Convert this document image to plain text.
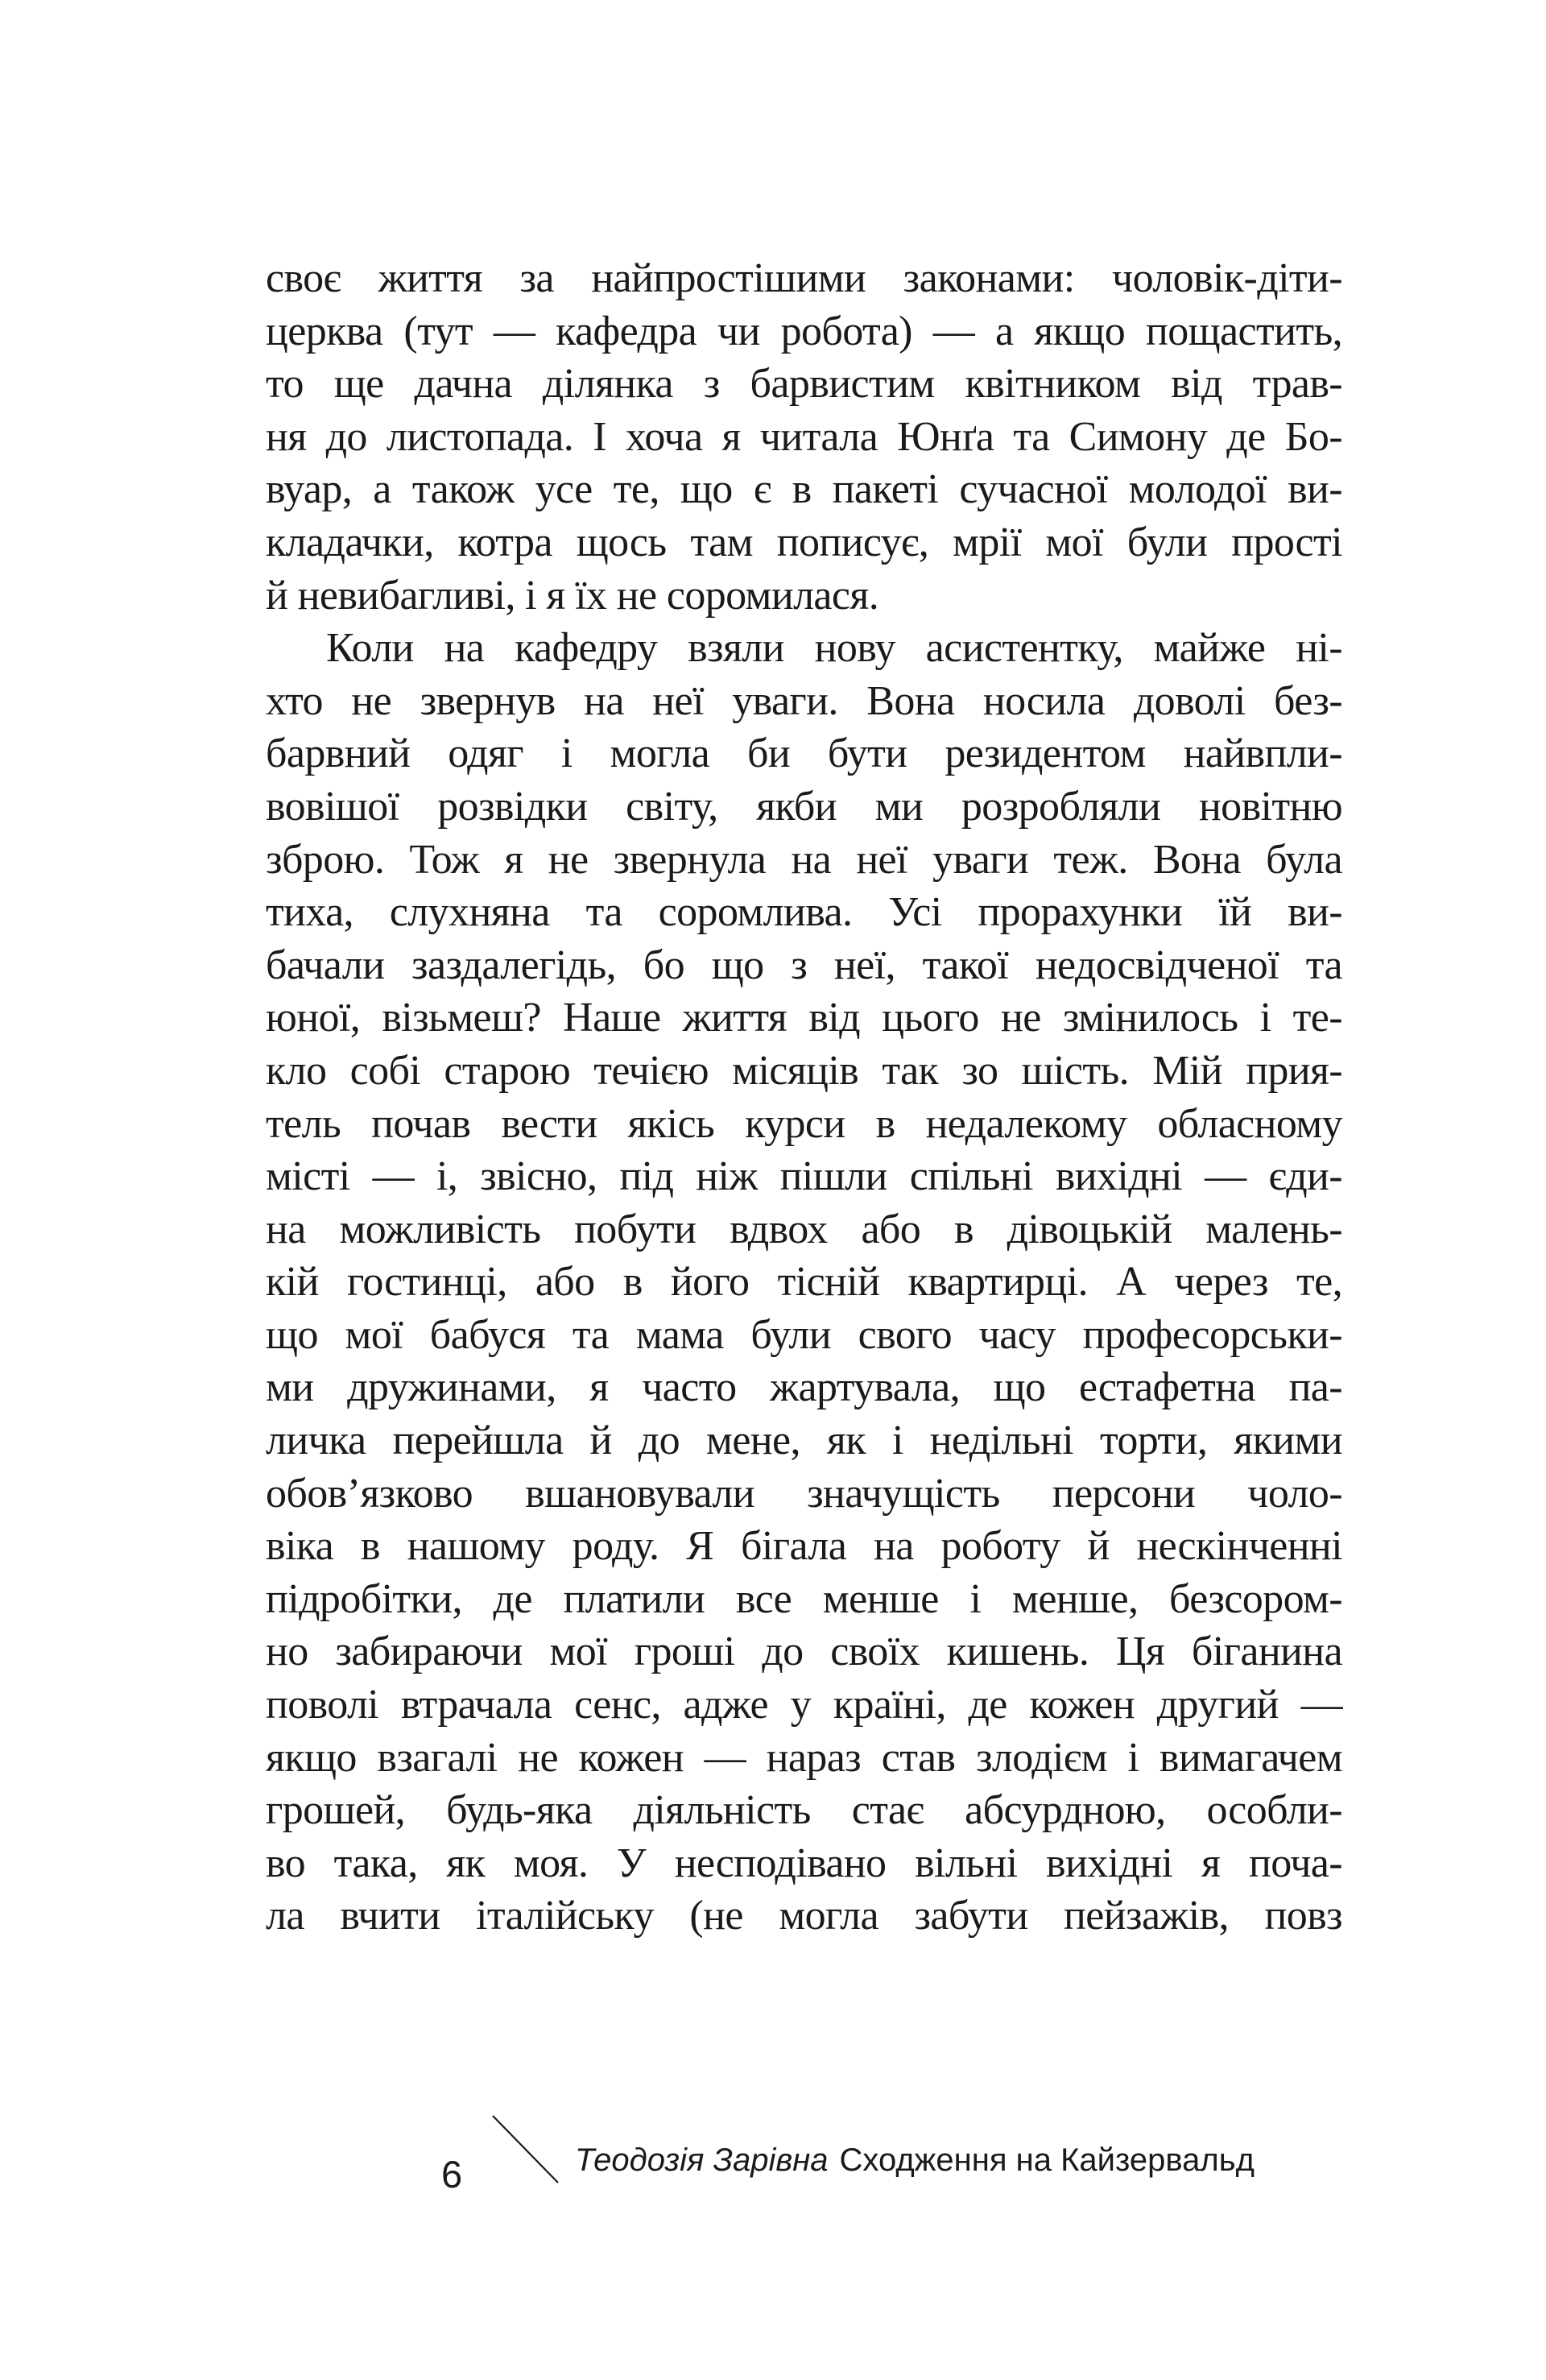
своє життя за найпростішими законами: чоловік-діти-
церква (тут — кафедра чи робота) — а якщо пощастить,
то ще дачна ділянка з барвистим квітником від трав-
ня до листопада. І хоча я читала Юнґа та Симону де Бо-
вуар, а також усе те, що є в пакеті сучасної молодої ви-
кладачки, котра щось там пописує, мрії мої були прості
й невибагливі, і я їх не соромилася.
Коли на кафедру взяли нову асистентку, майже ні-
хто не звернув на неї уваги. Вона носила доволі без-
барвний одяг і могла би бути резидентом найвпли-
вовішої розвідки світу, якби ми розробляли новітню
зброю. Тож я не звернула на неї уваги теж. Вона була
тиха, слухняна та соромлива. Усі прорахунки їй ви-
бачали заздалегідь, бо що з неї, такої недосвідченої та
юної, візьмеш? Наше життя від цього не змінилось і те-
кло собі старою течією місяців так зо шість. Мій прия-
тель почав вести якісь курси в недалекому обласному
місті — і, звісно, під ніж пішли спільні вихідні — єди-
на можливість побути вдвох або в дівоцькій малень-
кій гостинці, або в його тісній квартирці. А через те,
що мої бабуся та мама були свого часу професорськи-
ми дружинами, я часто жартувала, що естафетна па-
личка перейшла й до мене, як і недільні торти, якими
обов’язково вшановували значущість персони чоло-
віка в нашому роду. Я бігала на роботу й нескінченні
підробітки, де платили все менше і менше, безсором-
но забираючи мої гроші до своїх кишень. Ця біганина
поволі втрачала сенс, адже у країні, де кожен другий —
якщо взагалі не кожен — нараз став злодієм і вимагачем
грошей, будь-яка діяльність стає абсурдною, особли-
во така, як моя. У несподівано вільні вихідні я поча-
ла вчити італійську (не могла забути пейзажів, повз
6	Теодозія Зарівна Сходження на Кайзервальд
